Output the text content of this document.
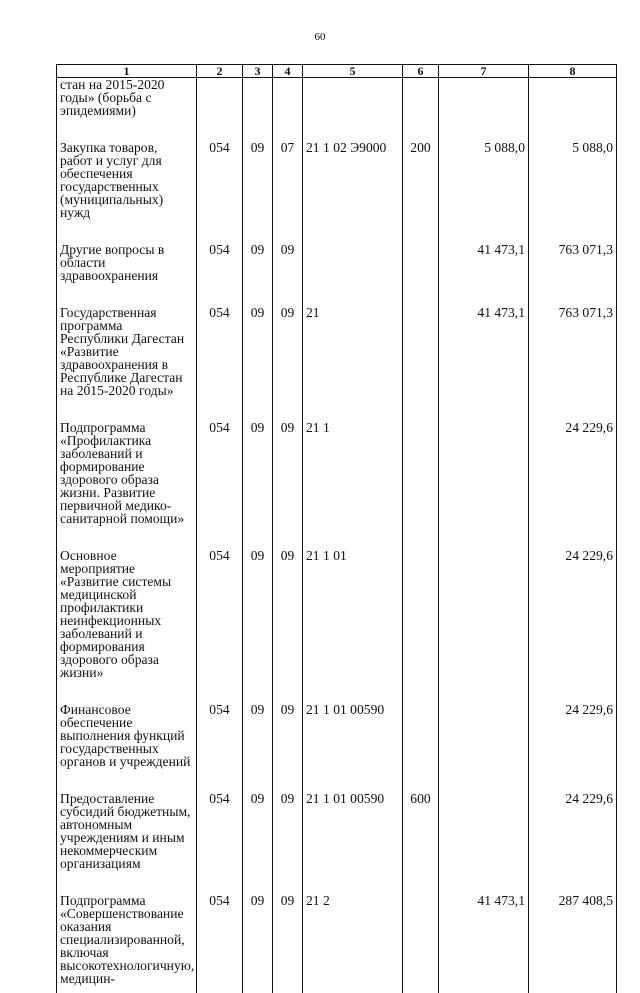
60
1	2	3	4	5	6	7	8
стан на 2015-2020 годы» (борьба с эпидемиями)							

Закупка товаров, работ и услуг для обеспечения государственных (муниципальных) нужд	054	09	07	21 1 02 Э9000	200	5 088,0	5 088,0

Другие вопросы в области здравоохранения	054	09	09			41 473,1	763 071,3

Государственная программа Республики Дагестан «Развитие здравоохранения в Республике Дагестан на 2015-2020 годы»	054	09	09	21		41 473,1	763 071,3

Подпрограмма «Профилактика заболеваний и формирование здорового образа жизни. Развитие первичной медико-санитарной помощи»	054	09	09	21 1			24 229,6

Основное мероприятие «Развитие системы медицинской профилактики неинфекционных заболеваний и формирования здорового образа жизни»	054	09	09	21 1 01			24 229,6

Финансовое обеспечение выполнения функций государственных органов и учреждений	054	09	09	21 1 01 00590			24 229,6

Предоставление субсидий бюджетным, автономным учреждениям и иным некоммерческим организациям	054	09	09	21 1 01 00590	600		24 229,6

Подпрограмма «Совершенствование оказания специализированной, включая высокотехнологичную, медицин-	054	09	09	21 2		41 473,1	287 408,5
